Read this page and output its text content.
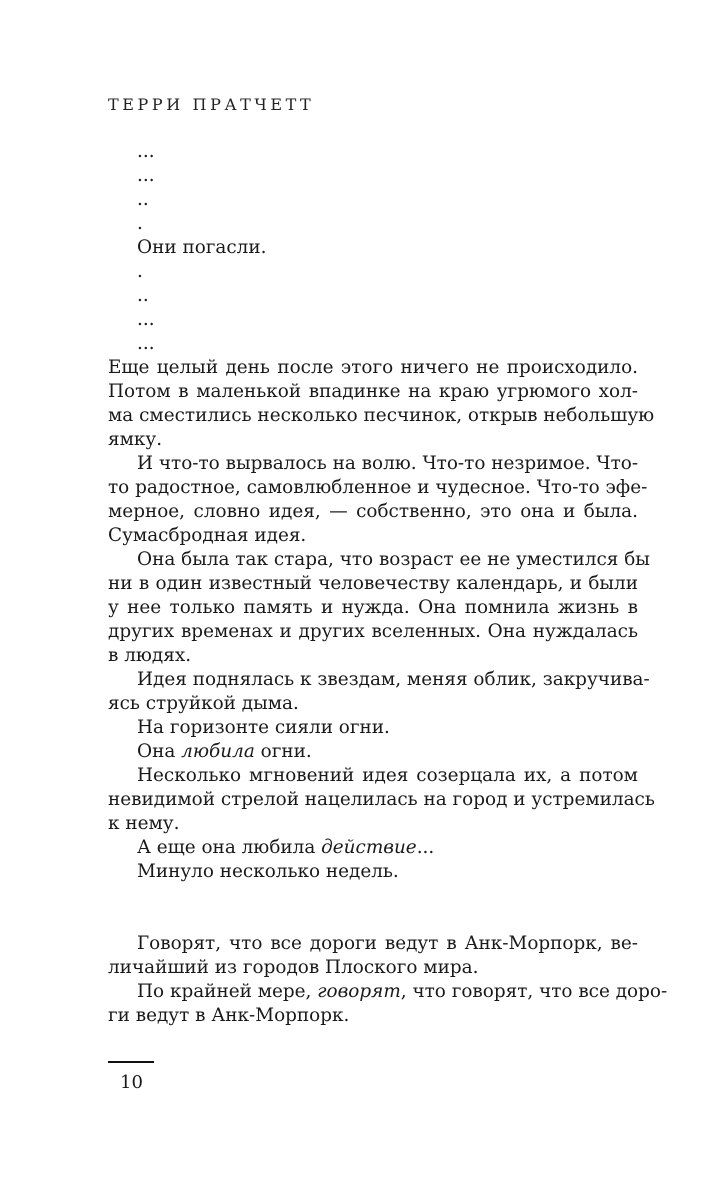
ТЕРРИ ПРАТЧЕТТ
...
...
..
.
Они погасли.
.
..
...
...
Еще целый день после этого ничего не происходило.
Потом в маленькой впадинке на краю угрюмого хол-
ма сместились несколько песчинок, открыв небольшую
ямку.
И что-то вырвалось на волю. Что-то незримое. Что-
то радостное, самовлюбленное и чудесное. Что-то эфе-
мерное, словно идея, — собственно, это она и была.
Сумасбродная идея.
Она была так стара, что возраст ее не уместился бы
ни в один известный человечеству календарь, и были
у нее только память и нужда. Она помнила жизнь в
других временах и других вселенных. Она нуждалась
в людях.
Идея поднялась к звездам, меняя облик, закручива-
ясь струйкой дыма.
На горизонте сияли огни.
Она любила огни.
Несколько мгновений идея созерцала их, а потом
невидимой стрелой нацелилась на город и устремилась
к нему.
А еще она любила действие...
Минуло несколько недель.
Говорят, что все дороги ведут в Анк-Морпорк, ве-
личайший из городов Плоского мира.
По крайней мере, говорят, что говорят, что все доро-
ги ведут в Анк-Морпорк.
10
